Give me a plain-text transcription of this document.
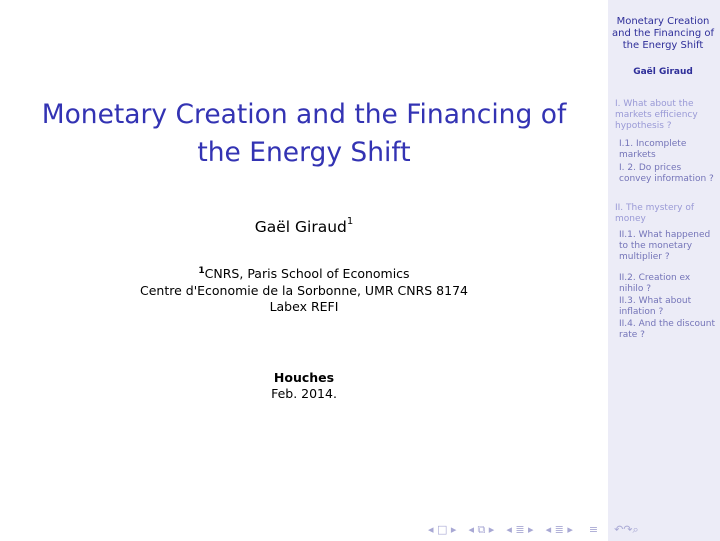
Monetary Creation and the Financing of the Energy Shift
Gaël Giraud$^1$
$^1$CNRS, Paris School of Economics
Centre d'Economie de la Sorbonne, UMR CNRS 8174
Labex REFI
Houches
Feb. 2014.
Monetary Creation and the Financing of the Energy Shift
Gaël Giraud
I. What about the markets efficiency hypothesis ?
I.1. Incomplete markets
I. 2. Do prices convey information ?
II. The mystery of money
II.1. What happened to the monetary multiplier ?
II.2. Creation ex nihilo ?
II.3. What about inflation ?
II.4. And the discount rate ?
◂ □ ▸ ◂ ⧉ ▸ ◂ ≣ ▸ ◂ ≣ ▸ ≡ ↶↷⌕
